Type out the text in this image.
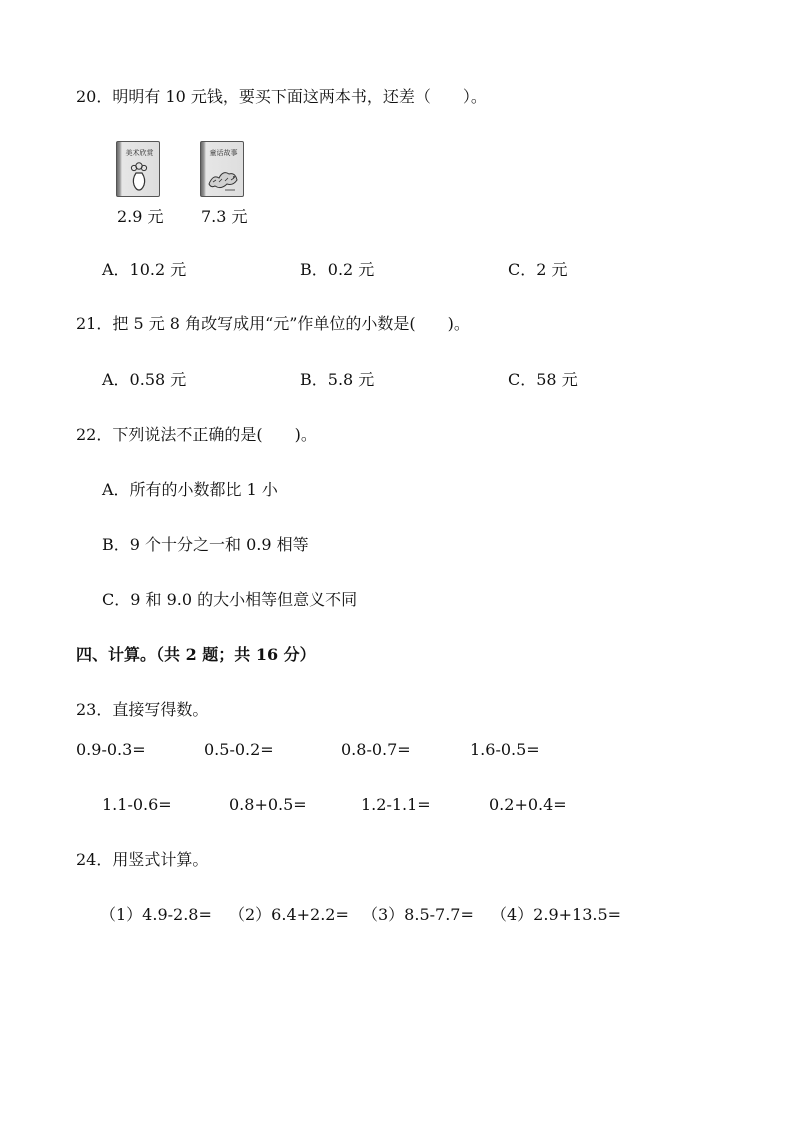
20．明明有 10 元钱，要买下面这两本书，还差（　　）。
美术欣赏
2.9 元
童话故事
7.3 元
A．10.2 元	B．0.2 元	C．2 元
21．把 5 元 8 角改写成用“元”作单位的小数是(　　)。
A．0.58 元	B．5.8 元	C．58 元
22．下列说法不正确的是(　　)。
A．所有的小数都比 1 小
B．9 个十分之一和 0.9 相等
C．9 和 9.0 的大小相等但意义不同
四、计算。（共 2 题；共 16 分）
23．直接写得数。
0.9-0.3=	0.5-0.2=	0.8-0.7=	1.6-0.5=
1.1-0.6=	0.8+0.5=	1.2-1.1=	0.2+0.4=
24．用竖式计算。
（1）4.9-2.8= （2）6.4+2.2= （3）8.5-7.7= （4）2.9+13.5=
